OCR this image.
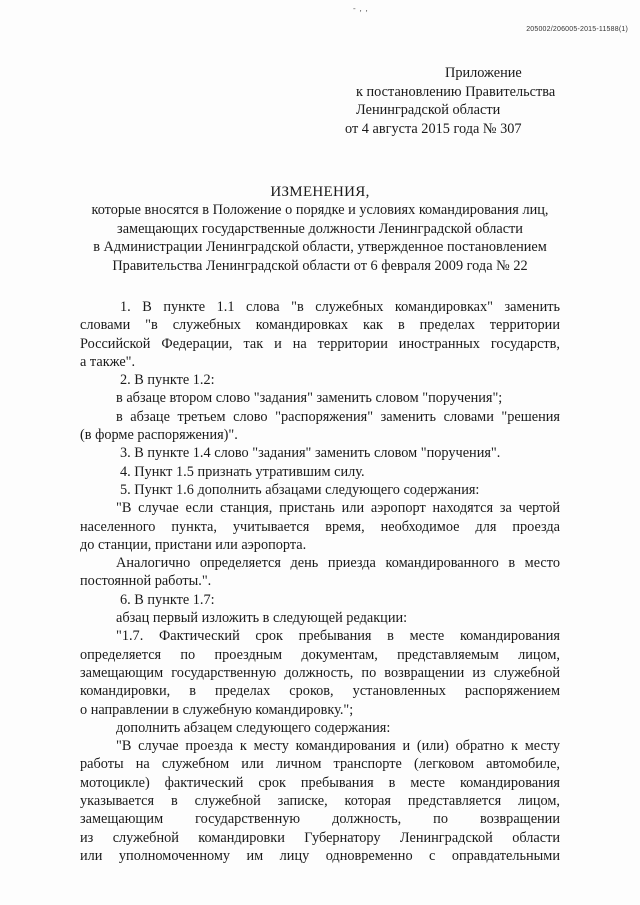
- , ,
205002/206005-2015-11588(1)
Приложение
к постановлению Правительства
Ленинградской области
от 4 августа 2015 года № 307
ИЗМЕНЕНИЯ,
которые вносятся в Положение о порядке и условиях командирования лиц,
замещающих государственные должности Ленинградской области
в Администрации Ленинградской области, утвержденное постановлением
Правительства Ленинградской области от 6 февраля 2009 года № 22
1. В пункте 1.1 слова "в служебных командировках" заменить
словами "в служебных командировках как в пределах территории
Российской Федерации, так и на территории иностранных государств,
а также".
2. В пункте 1.2:
в абзаце втором слово "задания" заменить словом "поручения";
в абзаце третьем слово "распоряжения" заменить словами "решения
(в форме распоряжения)".
3. В пункте 1.4 слово "задания" заменить словом "поручения".
4. Пункт 1.5 признать утратившим силу.
5. Пункт 1.6 дополнить абзацами следующего содержания:
"В случае если станция, пристань или аэропорт находятся за чертой
населенного пункта, учитывается время, необходимое для проезда
до станции, пристани или аэропорта.
Аналогично определяется день приезда командированного в место
постоянной работы.".
6. В пункте 1.7:
абзац первый изложить в следующей редакции:
"1.7. Фактический срок пребывания в месте командирования
определяется по проездным документам, представляемым лицом,
замещающим государственную должность, по возвращении из служебной
командировки, в пределах сроков, установленных распоряжением
о направлении в служебную командировку.";
дополнить абзацем следующего содержания:
"В случае проезда к месту командирования и (или) обратно к месту
работы на служебном или личном транспорте (легковом автомобиле,
мотоцикле) фактический срок пребывания в месте командирования
указывается в служебной записке, которая представляется лицом,
замещающим государственную должность, по возвращении
из служебной командировки Губернатору Ленинградской области
или уполномоченному им лицу одновременно с оправдательными
